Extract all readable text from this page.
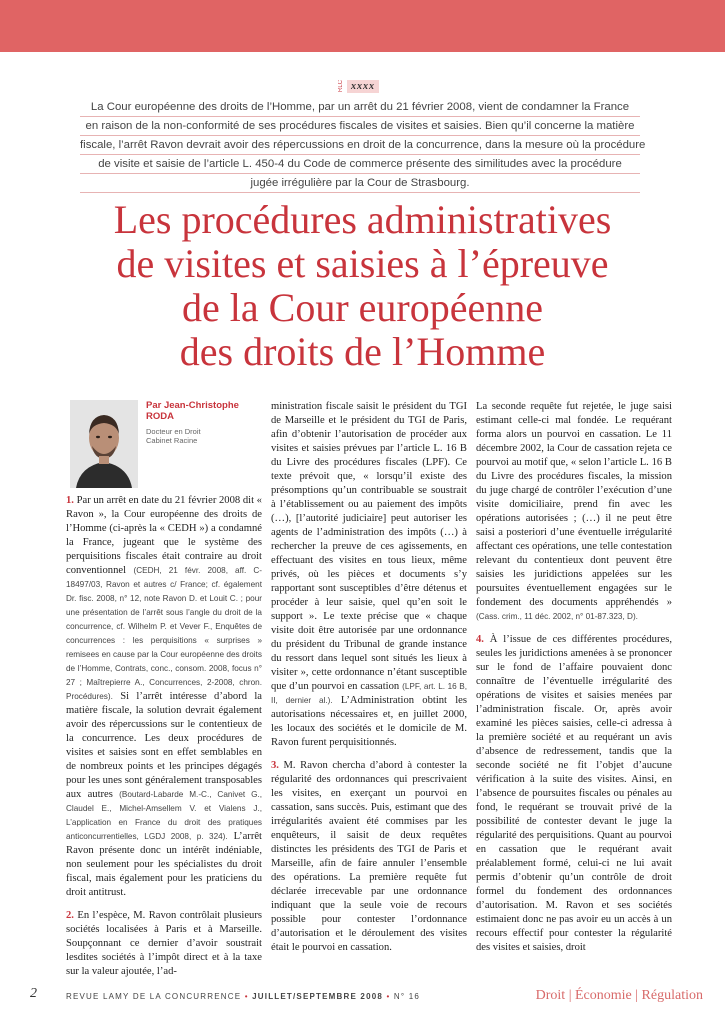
RLC xxxx
La Cour européenne des droits de l’Homme, par un arrêt du 21 février 2008, vient de condamner la France
en raison de la non-conformité de ses procédures fiscales de visites et saisies. Bien qu’il concerne la matière
fiscale, l’arrêt Ravon devrait avoir des répercussions en droit de la concurrence, dans la mesure où la procédure
de visite et saisie de l’article L. 450-4 du Code de commerce présente des similitudes avec la procédure
jugée irrégulière par la Cour de Strasbourg.
Les procédures administratives
de visites et saisies à l’épreuve
de la Cour européenne
des droits de l’Homme
Par Jean-Christophe
RODA
Docteur en Droit
Cabinet Racine

1. Par un arrêt en date du 21 février 2008 dit « Ravon », la Cour européenne des droits de l’Homme (ci-après la « CEDH ») a condamné la France, jugeant que le système des perquisitions fiscales était contraire au droit conventionnel (CEDH, 21 févr. 2008, aff. C-18497/03, Ravon et autres c/ France; cf. également Dr. fisc. 2008, n° 12, note Ravon D. et Louit C. ; pour une présentation de l’arrêt sous l’angle du droit de la concurrence, cf. Wilhelm P. et Vever F., Enquêtes de concurrences : les perquisitions « surprises » remisees en cause par la Cour européenne des droits de l’Homme, Contrats, conc., consom. 2008, focus n° 27 ; Maîtrepierre A., Concurrences, 2-2008, chron. Procédures). Si l’arrêt intéresse d’abord la matière fiscale, la solution devrait également avoir des répercussions sur le contentieux de la concurrence. Les deux procédures de visites et saisies sont en effet semblables en de nombreux points et les principes dégagés pour les unes sont généralement transposables aux autres (Boutard-Labarde M.-C., Canivet G., Claudel E., Michel-Amsellem V. et Vialens J., L’application en France du droit des pratiques anticoncurrentielles, LGDJ 2008, p. 324). L’arrêt Ravon présente donc un intérêt indéniable, non seulement pour les spécialistes du droit fiscal, mais également pour les praticiens du droit antitrust.

2. En l’espèce, M. Ravon contrôlait plusieurs sociétés localisées à Paris et à Marseille. Soupçonnant ce dernier d’avoir soustrait lesdites sociétés à l’impôt direct et à la taxe sur la valeur ajoutée, l’ad-

ministration fiscale saisit le président du TGI de Marseille et le président du TGI de Paris, afin d’obtenir l’autorisation de procéder aux visites et saisies prévues par l’article L. 16 B du Livre des procédures fiscales (LPF). Ce texte prévoit que, « lorsqu’il existe des présomptions qu’un contribuable se soustrait à l’établissement ou au paiement des impôts (…), [l’autorité judiciaire] peut autoriser les agents de l’administration des impôts (…) à rechercher la preuve de ces agissements, en effectuant des visites en tous lieux, même privés, où les pièces et documents s’y rapportant sont susceptibles d’être détenus et procéder à leur saisie, quel qu’en soit le support ». Le texte précise que « chaque visite doit être autorisée par une ordonnance du président du Tribunal de grande instance du ressort dans lequel sont situés les lieux à visiter », cette ordonnance n’étant susceptible que d’un pourvoi en cassation (LPF, art. L. 16 B, II, dernier al.). L’Administration obtint les autorisations nécessaires et, en juillet 2000, les locaux des sociétés et le domicile de M. Ravon furent perquisitionnés.

3. M. Ravon chercha d’abord à contester la régularité des ordonnances qui prescrivaient les visites, en exerçant un pourvoi en cassation, sans succès. Puis, estimant que des irrégularités avaient été commises par les enquêteurs, il saisit de deux requêtes distinctes les présidents des TGI de Paris et Marseille, afin de faire annuler l’ensemble des opérations. La première requête fut déclarée irrecevable par une ordonnance indiquant que la seule voie de recours possible pour contester l’ordonnance d’autorisation et le déroulement des visites était le pourvoi en cassation.

La seconde requête fut rejetée, le juge saisi estimant celle-ci mal fondée. Le requérant forma alors un pourvoi en cassation. Le 11 décembre 2002, la Cour de cassation rejeta ce pourvoi au motif que, « selon l’article L. 16 B du Livre des procédures fiscales, la mission du juge chargé de contrôler l’exécution d’une visite domiciliaire, prend fin avec les opérations autorisées ; (…) il ne peut être saisi a posteriori d’une éventuelle irrégularité affectant ces opérations, une telle contestation relevant du contentieux dont peuvent être saisies les juridictions appelées sur les poursuites éventuellement engagées sur le fondement des documents appréhendés » (Cass. crim., 11 déc. 2002, n° 01-87.323, D).

4. À l’issue de ces différentes procédures, seules les juridictions amenées à se prononcer sur le fond de l’affaire pouvaient donc connaître de l’éventuelle irrégularité des opérations de visites et saisies menées par l’administration fiscale. Or, après avoir examiné les pièces saisies, celle-ci adressa à la première société et au requérant un avis d’absence de redressement, tandis que la seconde société ne fit l’objet d’aucune vérification à la suite des visites. Ainsi, en l’absence de poursuites fiscales ou pénales au fond, le requérant se trouvait privé de la possibilité de contester devant le juge la régularité des perquisitions. Quant au pourvoi en cassation que le requérant avait préalablement formé, celui-ci ne lui avait permis d’obtenir qu’un contrôle de droit formel du fondement des ordonnances d’autorisation. M. Ravon et ses sociétés estimaient donc ne pas avoir eu un accès à un recours effectif pour contester la régularité des visites et saisies, droit

2	REVUE LAMY DE LA CONCURRENCE • JUILLET/SEPTEMBRE 2008 • N° 16	Droit | Économie | Régulation
